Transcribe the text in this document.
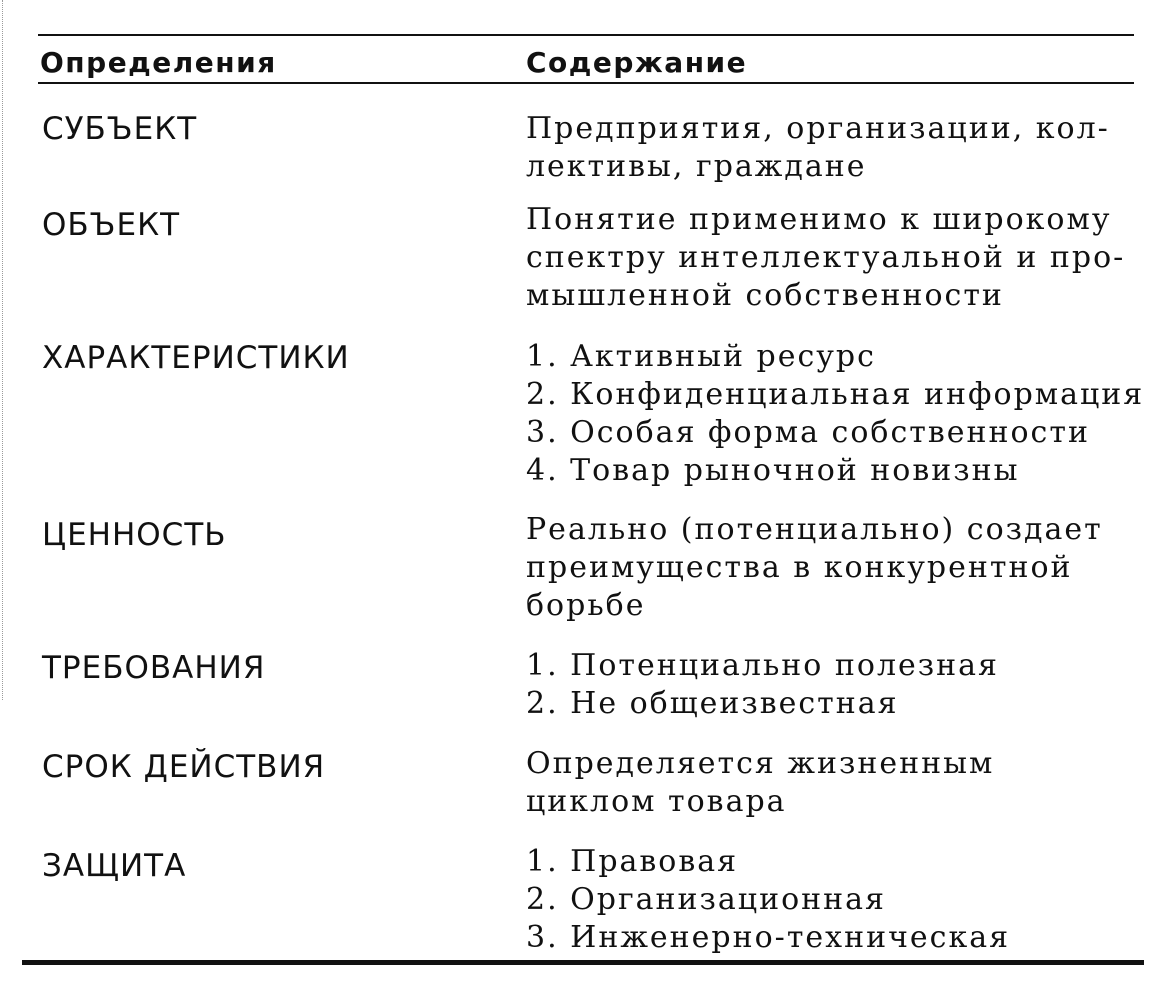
Определения	Содержание
СУБЪЕКТ	Предприятия, организации, кол-
лективы, граждане
ОБЪЕКТ	Понятие применимо к широкому
спектру интеллектуальной и про-
мышленной собственности
ХАРАКТЕРИСТИКИ	1. Активный ресурс
2. Конфиденциальная информация
3. Особая форма собственности
4. Товар рыночной новизны
ЦЕННОСТЬ	Реально (потенциально) создает
преимущества в конкурентной
борьбе
ТРЕБОВАНИЯ	1. Потенциально полезная
2. Не общеизвестная
СРОК ДЕЙСТВИЯ	Определяется жизненным
циклом товара
ЗАЩИТА	1. Правовая
2. Организационная
3. Инженерно-техническая
